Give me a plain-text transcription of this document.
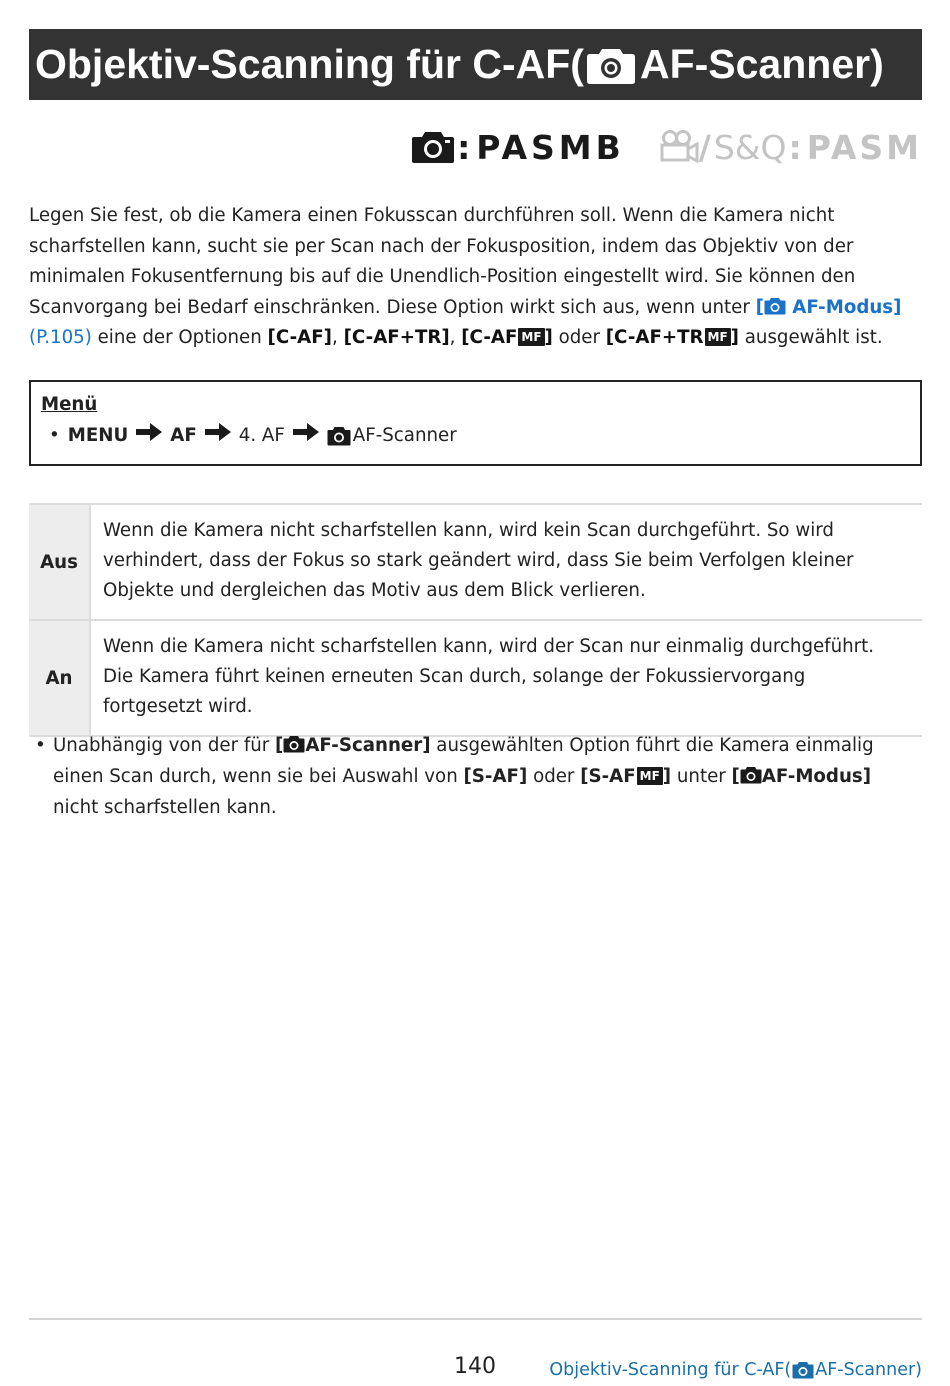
Objektiv-Scanning für C-AF( AF-Scanner)
: PASMB / S&Q : PASM
Legen Sie fest, ob die Kamera einen Fokusscan durchführen soll. Wenn die Kamera nicht scharfstellen kann, sucht sie per Scan nach der Fokusposition, indem das Objektiv von der minimalen Fokusentfernung bis auf die Unendlich-Position eingestellt wird. Sie können den Scanvorgang bei Bedarf einschränken. Diese Option wirkt sich aus, wenn unter [
AF-Modus] (P.105) eine der Optionen [C-AF], [C-AF+TR], [C-AF MF ] oder [C-AF+TR MF ] ausgewählt ist.
Menü
• MENU AF 4. AF	AF-Scanner
Aus	Wenn die Kamera nicht scharfstellen kann, wird kein Scan durchgeführt. So wird verhindert, dass der Fokus so stark geändert wird, dass Sie beim Verfolgen kleiner Objekte und dergleichen das Motiv aus dem Blick verlieren.
An	Wenn die Kamera nicht scharfstellen kann, wird der Scan nur einmalig durchgeführt. Die Kamera führt keinen erneuten Scan durch, solange der Fokussiervorgang fortgesetzt wird.
• Unabhängig von der für [ AF-Scanner] ausgewählten Option führt die Kamera einmalig einen Scan durch, wenn sie bei Auswahl von [S-AF] oder [S-AF MF ] unter [ AF-Modus] nicht scharfstellen kann.
140	Objektiv-Scanning für C-AF( AF-Scanner)
